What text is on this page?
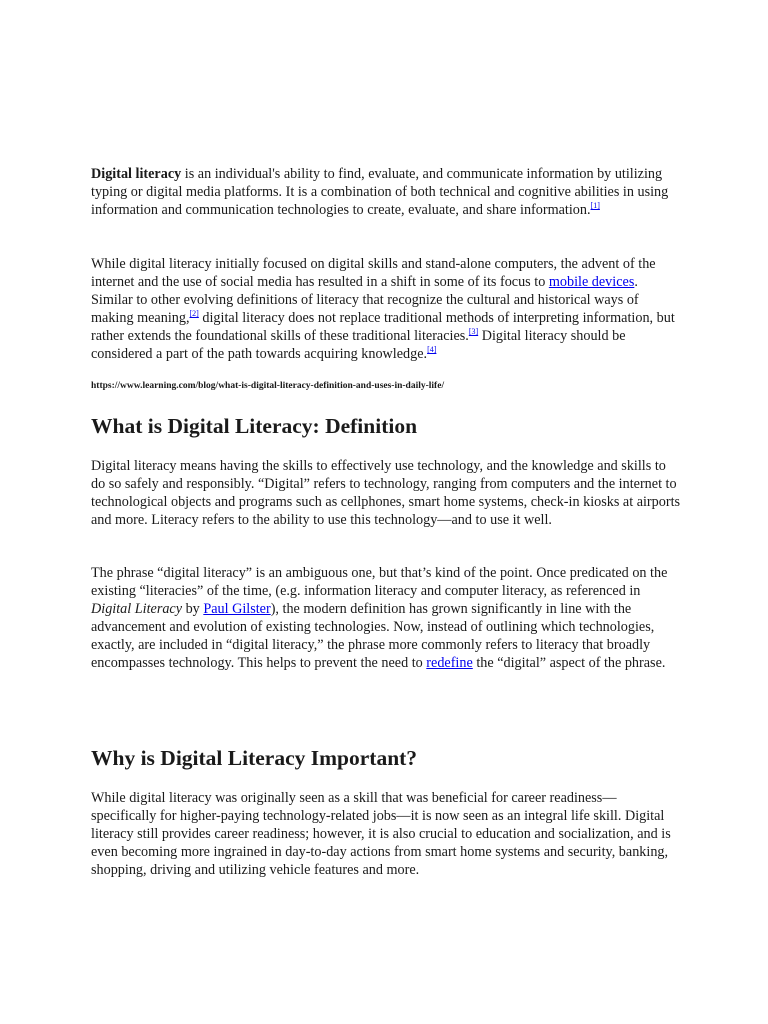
Digital literacy is an individual's ability to find, evaluate, and communicate information by utilizing typing or digital media platforms. It is a combination of both technical and cognitive abilities in using information and communication technologies to create, evaluate, and share information.[1]

While digital literacy initially focused on digital skills and stand-alone computers, the advent of the internet and the use of social media has resulted in a shift in some of its focus to mobile devices. Similar to other evolving definitions of literacy that recognize the cultural and historical ways of making meaning,[2] digital literacy does not replace traditional methods of interpreting information, but rather extends the foundational skills of these traditional literacies.[3] Digital literacy should be considered a part of the path towards acquiring knowledge.[4]

https://www.learning.com/blog/what-is-digital-literacy-definition-and-uses-in-daily-life/

What is Digital Literacy: Definition

Digital literacy means having the skills to effectively use technology, and the knowledge and skills to do so safely and responsibly. “Digital” refers to technology, ranging from computers and the internet to technological objects and programs such as cellphones, smart home systems, check-in kiosks at airports and more. Literacy refers to the ability to use this technology—and to use it well.

The phrase “digital literacy” is an ambiguous one, but that’s kind of the point. Once predicated on the existing “literacies” of the time, (e.g. information literacy and computer literacy, as referenced in Digital Literacy by Paul Gilster), the modern definition has grown significantly in line with the advancement and evolution of existing technologies. Now, instead of outlining which technologies, exactly, are included in “digital literacy,” the phrase more commonly refers to literacy that broadly encompasses technology. This helps to prevent the need to redefine the “digital” aspect of the phrase.

Why is Digital Literacy Important?

While digital literacy was originally seen as a skill that was beneficial for career readiness—specifically for higher-paying technology-related jobs—it is now seen as an integral life skill. Digital literacy still provides career readiness; however, it is also crucial to education and socialization, and is even becoming more ingrained in day-to-day actions from smart home systems and security, banking, shopping, driving and utilizing vehicle features and more.
